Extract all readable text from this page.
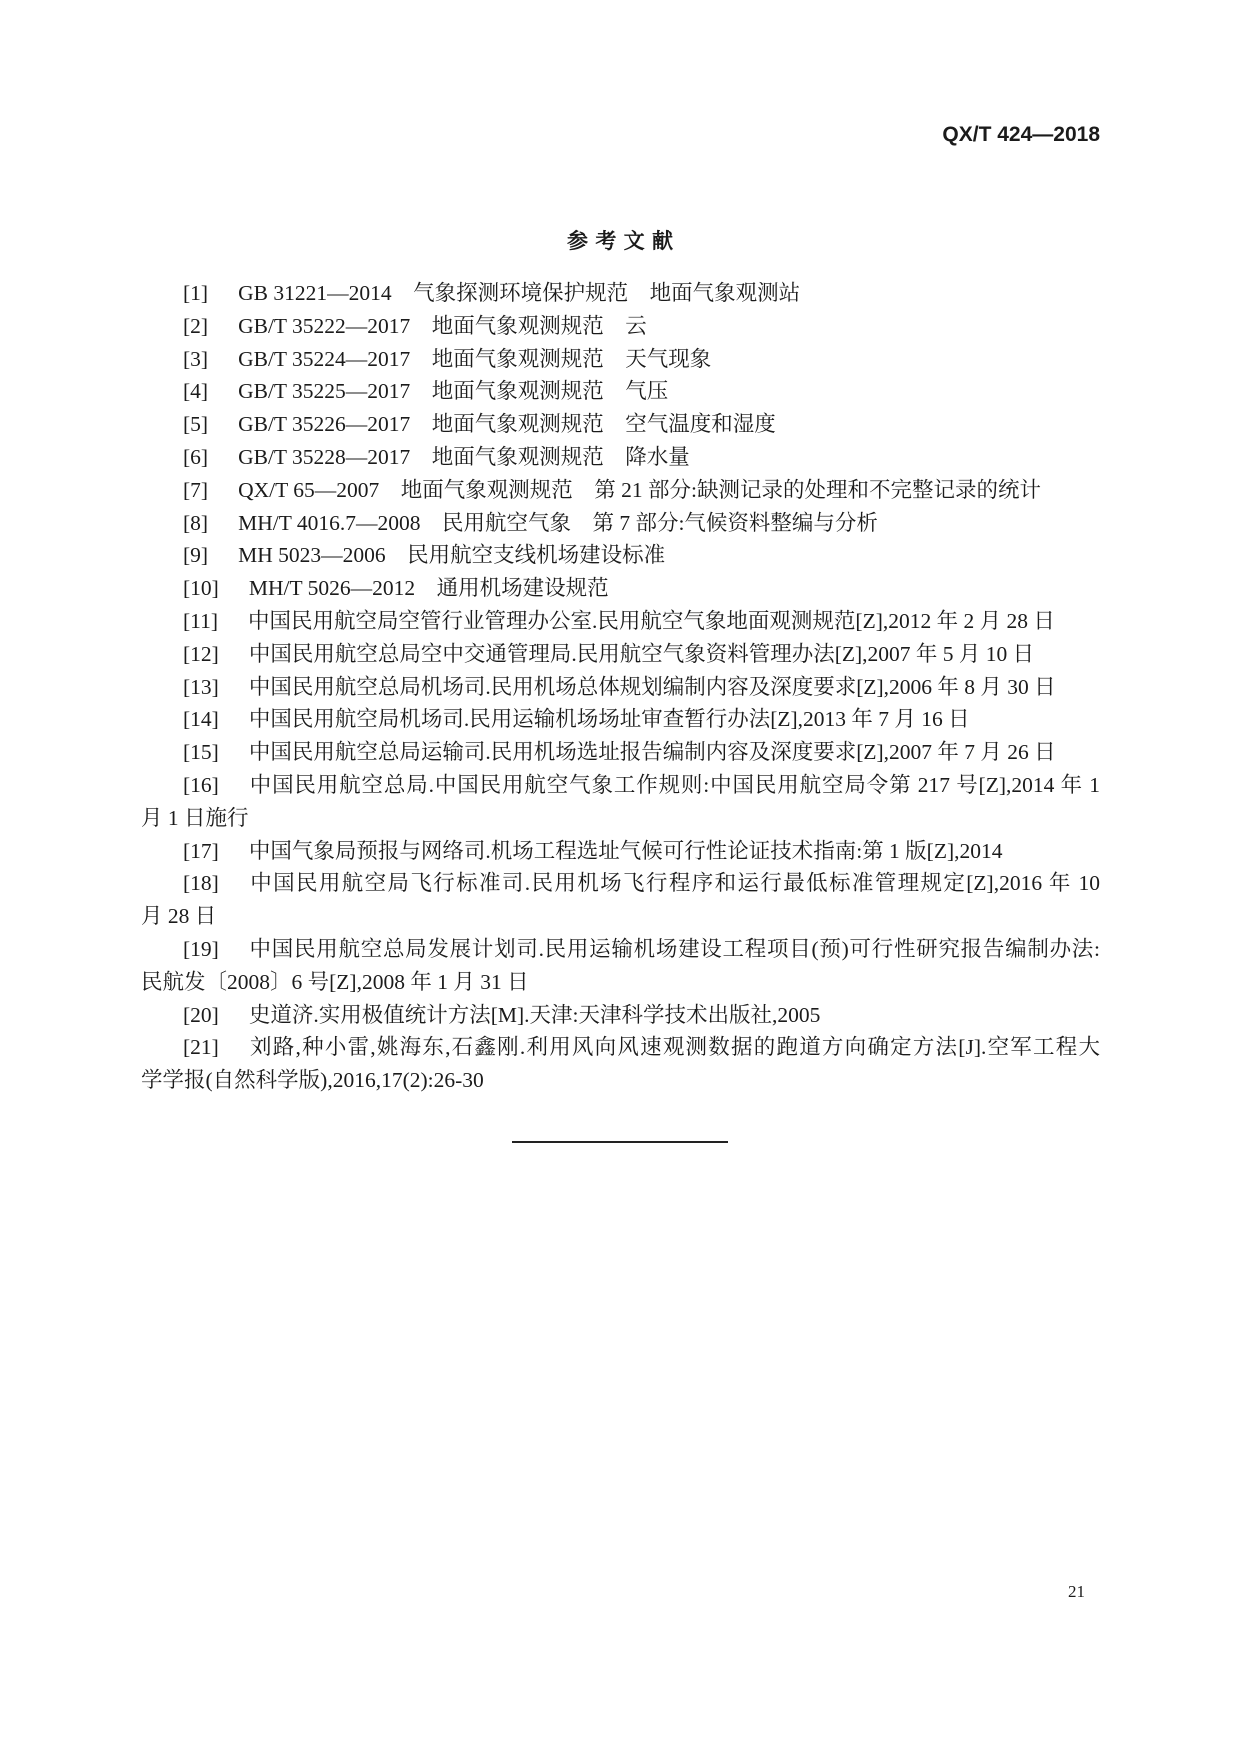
QX/T 424—2018
参 考 文 献
[1] GB 31221—2014　气象探测环境保护规范　地面气象观测站
[2] GB/T 35222—2017　地面气象观测规范　云
[3] GB/T 35224—2017　地面气象观测规范　天气现象
[4] GB/T 35225—2017　地面气象观测规范　气压
[5] GB/T 35226—2017　地面气象观测规范　空气温度和湿度
[6] GB/T 35228—2017　地面气象观测规范　降水量
[7] QX/T 65—2007　地面气象观测规范　第 21 部分:缺测记录的处理和不完整记录的统计
[8] MH/T 4016.7—2008　民用航空气象　第 7 部分:气候资料整编与分析
[9] MH 5023—2006　民用航空支线机场建设标准
[10] MH/T 5026—2012　通用机场建设规范
[11] 中国民用航空局空管行业管理办公室.民用航空气象地面观测规范[Z],2012 年 2 月 28 日
[12] 中国民用航空总局空中交通管理局.民用航空气象资料管理办法[Z],2007 年 5 月 10 日
[13] 中国民用航空总局机场司.民用机场总体规划编制内容及深度要求[Z],2006 年 8 月 30 日
[14] 中国民用航空局机场司.民用运输机场场址审查暂行办法[Z],2013 年 7 月 16 日
[15] 中国民用航空总局运输司.民用机场选址报告编制内容及深度要求[Z],2007 年 7 月 26 日
[16] 中国民用航空总局.中国民用航空气象工作规则:中国民用航空局令第 217 号[Z],2014 年 1
月 1 日施行
[17] 中国气象局预报与网络司.机场工程选址气候可行性论证技术指南:第 1 版[Z],2014
[18] 中国民用航空局飞行标准司.民用机场飞行程序和运行最低标准管理规定[Z],2016 年 10
月 28 日
[19] 中国民用航空总局发展计划司.民用运输机场建设工程项目(预)可行性研究报告编制办法:
民航发〔2008〕6 号[Z],2008 年 1 月 31 日
[20] 史道济.实用极值统计方法[M].天津:天津科学技术出版社,2005
[21] 刘路,种小雷,姚海东,石鑫刚.利用风向风速观测数据的跑道方向确定方法[J].空军工程大
学学报(自然科学版),2016,17(2):26-30
21
